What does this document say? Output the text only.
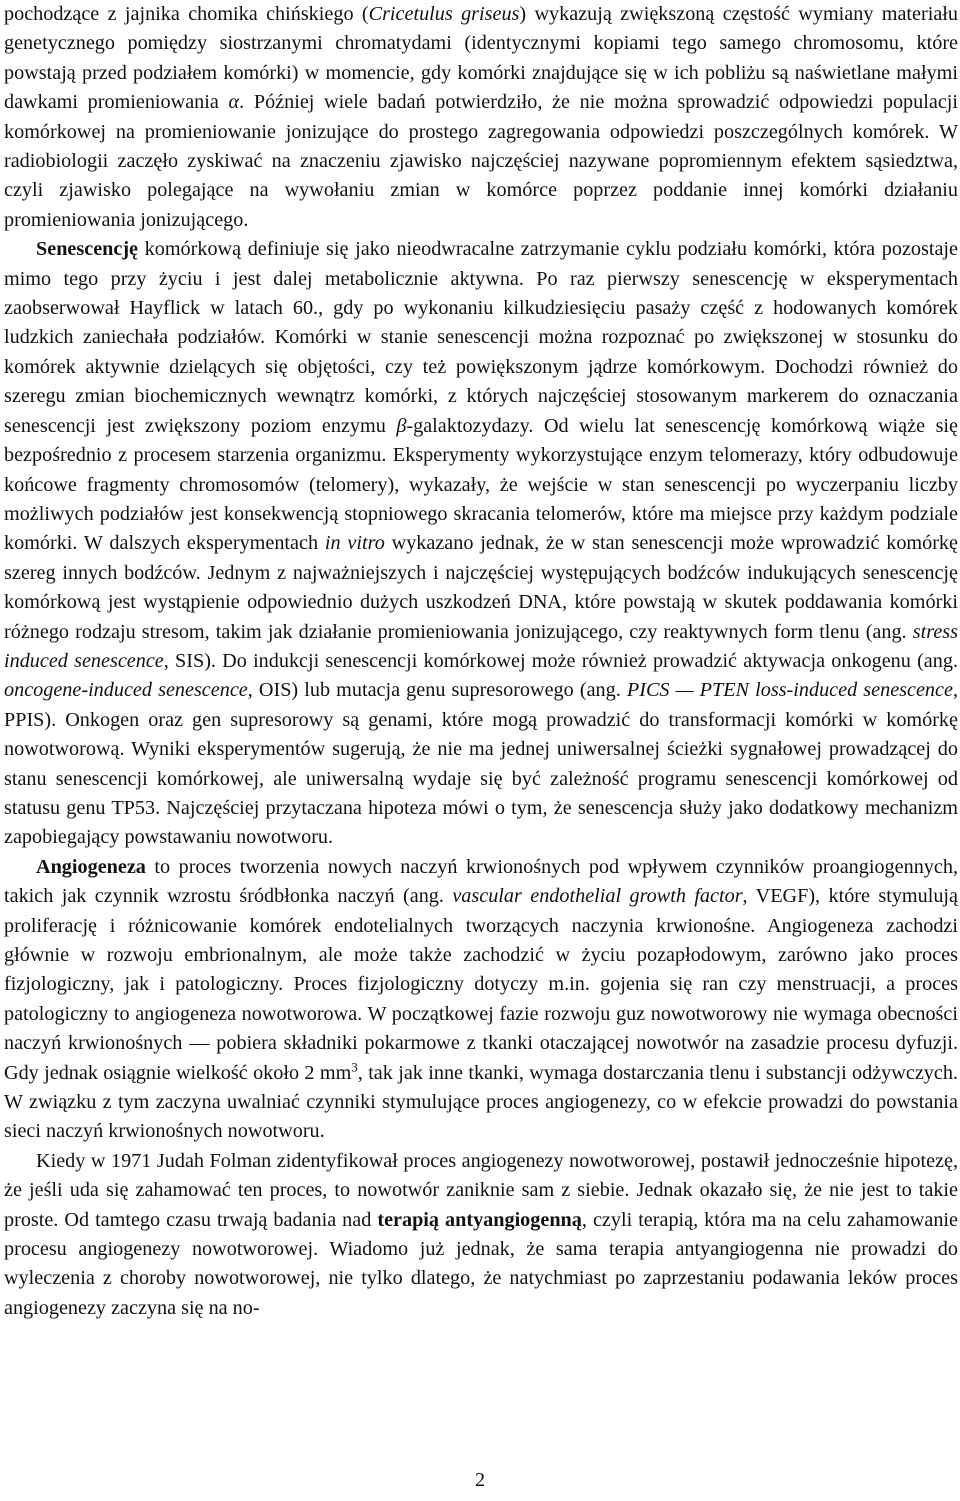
pochodzące z jajnika chomika chińskiego (Cricetulus griseus) wykazują zwiększoną częstość wymiany materiału genetycznego pomiędzy siostrzanymi chromatydami (identycznymi kopiami tego samego chromosomu, które powstają przed podziałem komórki) w momencie, gdy komórki znajdujące się w ich pobliżu są naświetlane małymi dawkami promieniowania α. Później wiele badań potwierdziło, że nie można sprowadzić odpowiedzi populacji komórkowej na promieniowanie jonizujące do prostego zagregowania odpowiedzi poszczególnych komórek. W radiobiologii zaczęło zyskiwać na znaczeniu zjawisko najczęściej nazywane popromiennym efektem sąsiedztwa, czyli zjawisko polegające na wywołaniu zmian w komórce poprzez poddanie innej komórki działaniu promieniowania jonizującego.

Senescencję komórkową definiuje się jako nieodwracalne zatrzymanie cyklu podziału komórki, która pozostaje mimo tego przy życiu i jest dalej metabolicznie aktywna. Po raz pierwszy senescencję w eksperymentach zaobserwował Hayflick w latach 60., gdy po wykonaniu kilkudziesięciu pasaży część z hodowanych komórek ludzkich zaniechała podziałów. Komórki w stanie senescencji można rozpoznać po zwiększonej w stosunku do komórek aktywnie dzielących się objętości, czy też powiększonym jądrze komórkowym. Dochodzi również do szeregu zmian biochemicznych wewnątrz komórki, z których najczęściej stosowanym markerem do oznaczania senescencji jest zwiększony poziom enzymu β-galaktozydazy. Od wielu lat senescencję komórkową wiąże się bezpośrednio z procesem starzenia organizmu. Eksperymenty wykorzystujące enzym telomerazy, który odbudowuje końcowe fragmenty chromosomów (telomery), wykazały, że wejście w stan senescencji po wyczerpaniu liczby możliwych podziałów jest konsekwencją stopniowego skracania telomerów, które ma miejsce przy każdym podziale komórki. W dalszych eksperymentach in vitro wykazano jednak, że w stan senescencji może wprowadzić komórkę szereg innych bodźców. Jednym z najważniejszych i najczęściej występujących bodźców indukujących senescencję komórkową jest wystąpienie odpowiednio dużych uszkodzeń DNA, które powstają w skutek poddawania komórki różnego rodzaju stresom, takim jak działanie promieniowania jonizującego, czy reaktywnych form tlenu (ang. stress induced senescence, SIS). Do indukcji senescencji komórkowej może również prowadzić aktywacja onkogenu (ang. oncogene-induced senescence, OIS) lub mutacja genu supresorowego (ang. PICS — PTEN loss-induced senescence, PPIS). Onkogen oraz gen supresorowy są genami, które mogą prowadzić do transformacji komórki w komórkę nowotworową. Wyniki eksperymentów sugerują, że nie ma jednej uniwersalnej ścieżki sygnałowej prowadzącej do stanu senescencji komórkowej, ale uniwersalną wydaje się być zależność programu senescencji komórkowej od statusu genu TP53. Najczęściej przytaczana hipoteza mówi o tym, że senescencja służy jako dodatkowy mechanizm zapobiegający powstawaniu nowotworu.

Angiogeneza to proces tworzenia nowych naczyń krwionośnych pod wpływem czynników proangiogennych, takich jak czynnik wzrostu śródbłonka naczyń (ang. vascular endothelial growth factor, VEGF), które stymulują proliferację i różnicowanie komórek endotelialnych tworzących naczynia krwionośne. Angiogeneza zachodzi głównie w rozwoju embrionalnym, ale może także zachodzić w życiu pozapłodowym, zarówno jako proces fizjologiczny, jak i patologiczny. Proces fizjologiczny dotyczy m.in. gojenia się ran czy menstruacji, a proces patologiczny to angiogeneza nowotworowa. W początkowej fazie rozwoju guz nowotworowy nie wymaga obecności naczyń krwionośnych — pobiera składniki pokarmowe z tkanki otaczającej nowotwór na zasadzie procesu dyfuzji. Gdy jednak osiągnie wielkość około 2 $mm^3$, tak jak inne tkanki, wymaga dostarczania tlenu i substancji odżywczych. W związku z tym zaczyna uwalniać czynniki stymulujące proces angiogenezy, co w efekcie prowadzi do powstania sieci naczyń krwionośnych nowotworu.

Kiedy w 1971 Judah Folman zidentyfikował proces angiogenezy nowotworowej, postawił jednocześnie hipotezę, że jeśli uda się zahamować ten proces, to nowotwór zaniknie sam z siebie. Jednak okazało się, że nie jest to takie proste. Od tamtego czasu trwają badania nad terapią antyangiogenną, czyli terapią, która ma na celu zahamowanie procesu angiogenezy nowotworowej. Wiadomo już jednak, że sama terapia antyangiogenna nie prowadzi do wyleczenia z choroby nowotworowej, nie tylko dlatego, że natychmiast po zaprzestaniu podawania leków proces angiogenezy zaczyna się na no-

2
